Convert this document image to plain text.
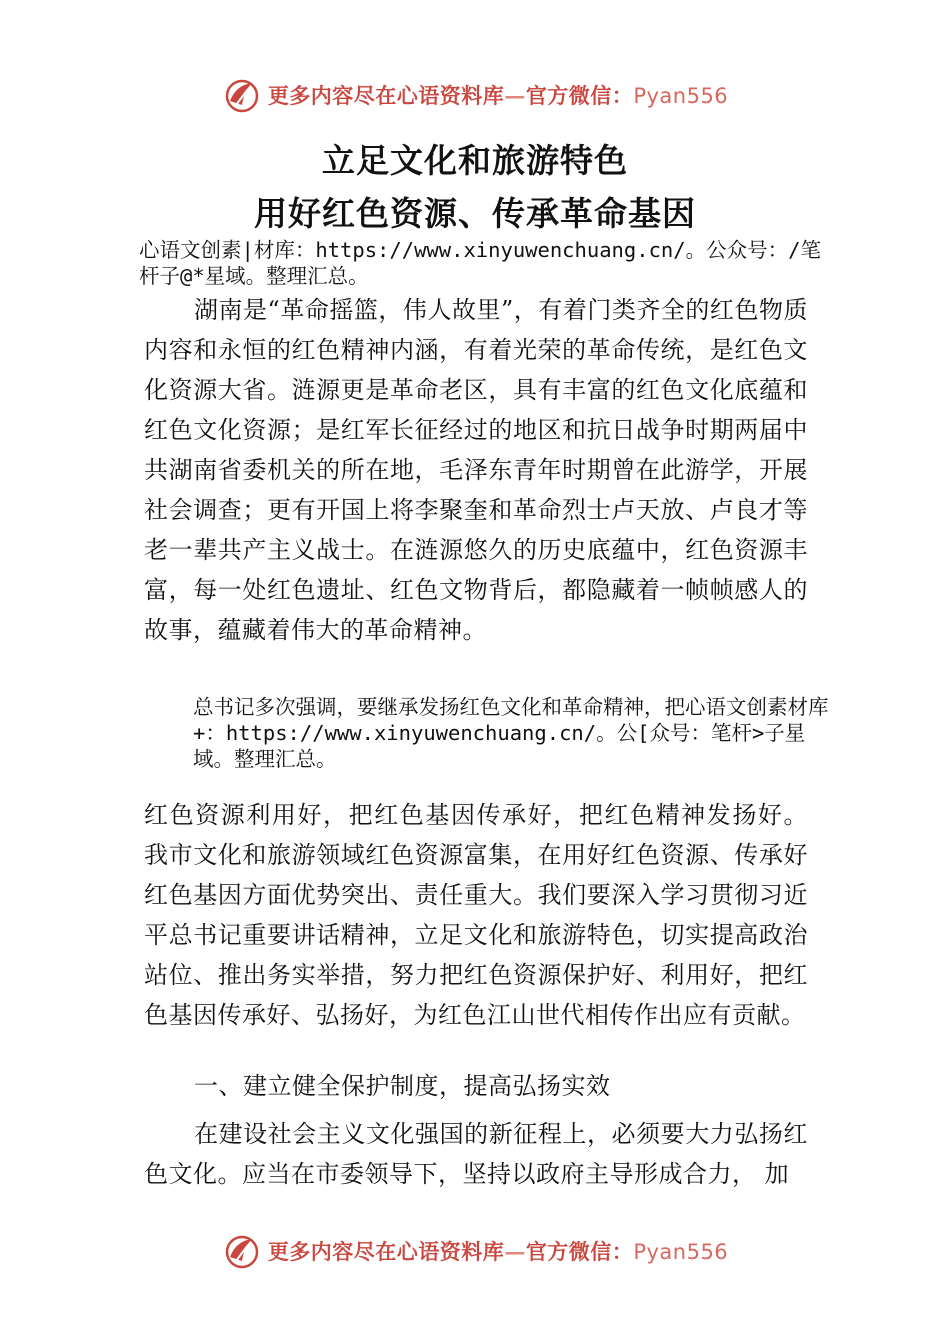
更多内容尽在心语资料库—官方微信：Pyan556
立足文化和旅游特色
用好红色资源、传承革命基因
心语文创素|材库：https://www.xinyuwenchuang.cn/。公众号：/笔杆子@*星域。整理汇总。
湖南是“革命摇篮，伟人故里”，有着门类齐全的红色物质内容和永恒的红色精神内涵，有着光荣的革命传统，是红色文化资源大省。涟源更是革命老区，具有丰富的红色文化底蕴和红色文化资源；是红军长征经过的地区和抗日战争时期两届中共湖南省委机关的所在地，毛泽东青年时期曾在此游学，开展社会调查；更有开国上将李聚奎和革命烈士卢天放、卢良才等老一辈共产主义战士。在涟源悠久的历史底蕴中，红色资源丰富，每一处红色遗址、红色文物背后，都隐藏着一帧帧感人的故事，蕴藏着伟大的革命精神。
总书记多次强调，要继承发扬红色文化和革命精神，把心语文创素材库+：https://www.xinyuwenchuang.cn/。公[众号：笔杆>子星域。整理汇总。
红色资源利用好，把红色基因传承好，把红色精神发扬好。 我市文化和旅游领域红色资源富集，在用好红色资源、传承好红色基因方面优势突出、责任重大。我们要深入学习贯彻习近平总书记重要讲话精神，立足文化和旅游特色，切实提高政治站位、推出务实举措，努力把红色资源保护好、利用好，把红色基因传承好、弘扬好，为红色江山世代相传作出应有贡献。
一、建立健全保护制度，提高弘扬实效
在建设社会主义文化强国的新征程上，必须要大力弘扬红色文化。应当在市委领导下，坚持以政府主导形成合力， 加
更多内容尽在心语资料库—官方微信：Pyan556
